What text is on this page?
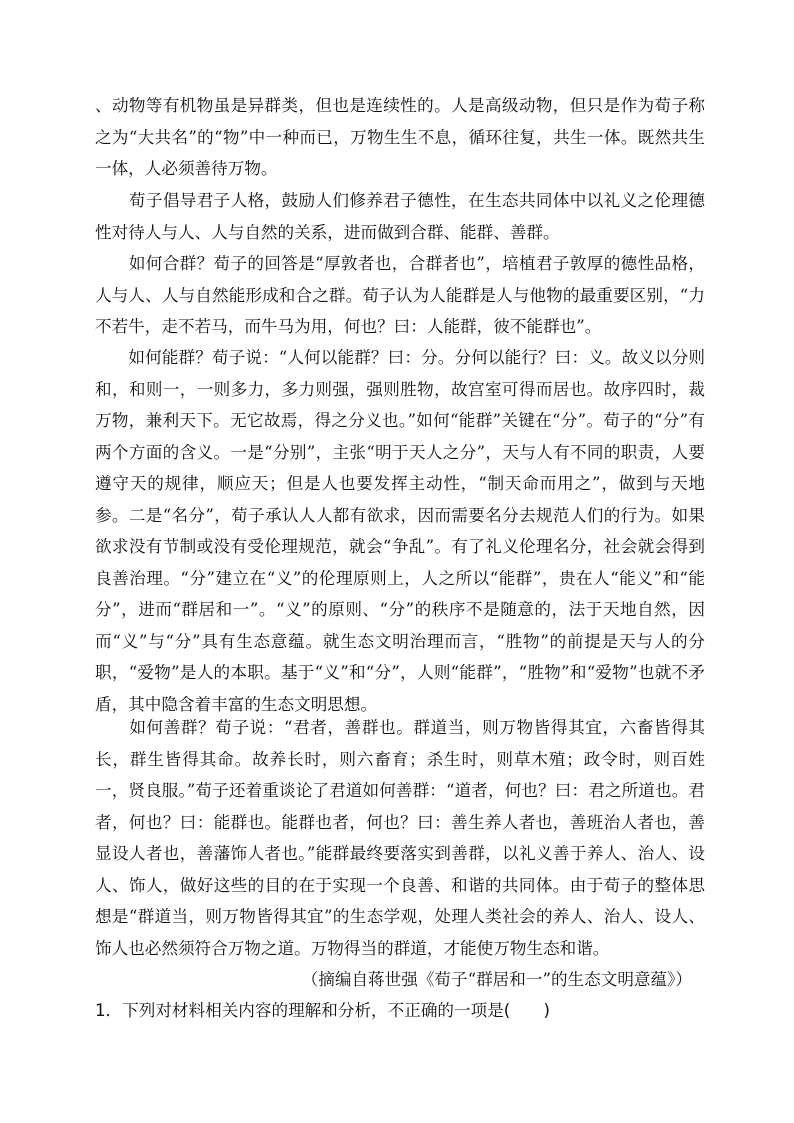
、动物等有机物虽是异群类，但也是连续性的。人是高级动物，但只是作为荀子称之为“大共名”的“物”中一种而已，万物生生不息，循环往复，共生一体。既然共生一体，人必须善待万物。

　　荀子倡导君子人格，鼓励人们修养君子德性，在生态共同体中以礼义之伦理德性对待人与人、人与自然的关系，进而做到合群、能群、善群。

　　如何合群？荀子的回答是“厚敦者也，合群者也”，培植君子敦厚的德性品格，人与人、人与自然能形成和合之群。荀子认为人能群是人与他物的最重要区别，“力不若牛，走不若马，而牛马为用，何也？曰：人能群，彼不能群也”。

　　如何能群？荀子说：“人何以能群？曰：分。分何以能行？曰：义。故义以分则和，和则一，一则多力，多力则强，强则胜物，故宫室可得而居也。故序四时，裁万物，兼利天下。无它故焉，得之分义也。”如何“能群”关键在“分”。荀子的“分”有两个方面的含义。一是“分别”，主张“明于天人之分”，天与人有不同的职责，人要遵守天的规律，顺应天；但是人也要发挥主动性，“制天命而用之”，做到与天地参。二是“名分”，荀子承认人人都有欲求，因而需要名分去规范人们的行为。如果欲求没有节制或没有受伦理规范，就会“争乱”。有了礼义伦理名分，社会就会得到良善治理。“分”建立在“义”的伦理原则上，人之所以“能群”，贵在人“能义”和“能分”，进而“群居和一”。“义”的原则、“分”的秩序不是随意的，法于天地自然，因而“义”与“分”具有生态意蕴。就生态文明治理而言，“胜物”的前提是天与人的分职，“爱物”是人的本职。基于“义”和“分”，人则“能群”，“胜物”和“爱物”也就不矛盾，其中隐含着丰富的生态文明思想。

　　如何善群？荀子说：“君者，善群也。群道当，则万物皆得其宜，六畜皆得其长，群生皆得其命。故养长时，则六畜育；杀生时，则草木殖；政令时，则百姓一，贤良服。”荀子还着重谈论了君道如何善群：“道者，何也？曰：君之所道也。君者，何也？曰：能群也。能群也者，何也？曰：善生养人者也，善班治人者也，善显设人者也，善藩饰人者也。”能群最终要落实到善群，以礼义善于养人、治人、设人、饰人，做好这些的目的在于实现一个良善、和谐的共同体。由于荀子的整体思想是“群道当，则万物皆得其宜”的生态学观，处理人类社会的养人、治人、设人、饰人也必然须符合万物之道。万物得当的群道，才能使万物生态和谐。

（摘编自蒋世强《荀子“群居和一”的生态文明意蕴》）

1．下列对材料相关内容的理解和分析，不正确的一项是(　　)
